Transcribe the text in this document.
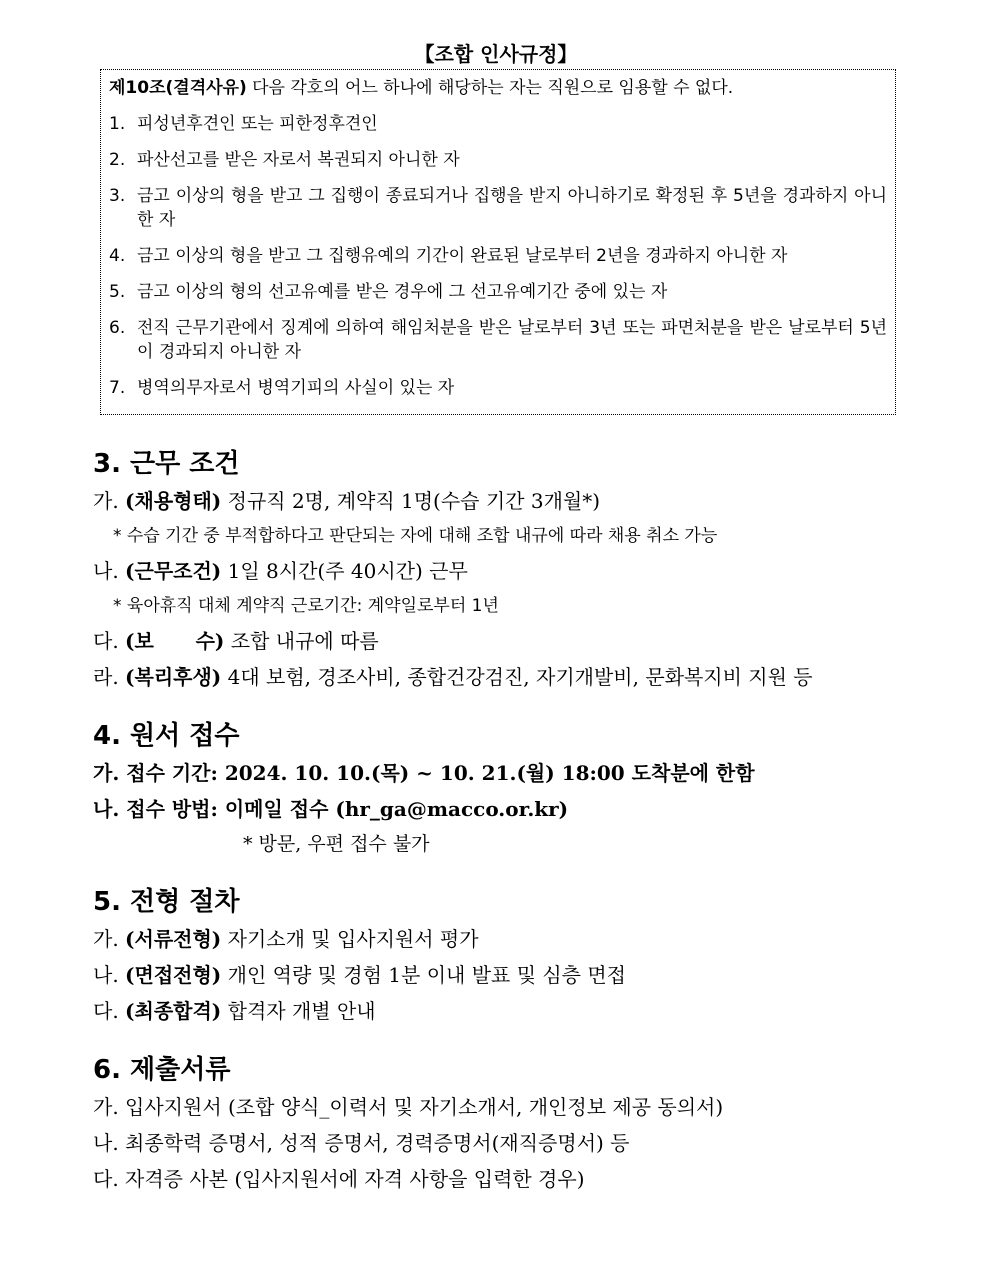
【조합 인사규정】

제10조(결격사유) 다음 각호의 어느 하나에 해당하는 자는 직원으로 임용할 수 없다.

1. 피성년후견인 또는 피한정후견인
2. 파산선고를 받은 자로서 복권되지 아니한 자
3. 금고 이상의 형을 받고 그 집행이 종료되거나 집행을 받지 아니하기로 확정된 후 5년을 경과하지 아니한 자
4. 금고 이상의 형을 받고 그 집행유예의 기간이 완료된 날로부터 2년을 경과하지 아니한 자
5. 금고 이상의 형의 선고유예를 받은 경우에 그 선고유예기간 중에 있는 자
6. 전직 근무기관에서 징계에 의하여 해임처분을 받은 날로부터 3년 또는 파면처분을 받은 날로부터 5년이 경과되지 아니한 자
7. 병역의무자로서 병역기피의 사실이 있는 자
3. 근무 조건

가. (채용형태) 정규직 2명, 계약직 1명(수습 기간 3개월*)

* 수습 기간 중 부적합하다고 판단되는 자에 대해 조합 내규에 따라 채용 취소 가능

나. (근무조건) 1일 8시간(주 40시간) 근무

* 육아휴직 대체 계약직 근로기간: 계약일로부터 1년

다. (보      수) 조합 내규에 따름

라. (복리후생) 4대 보험, 경조사비, 종합건강검진, 자기개발비, 문화복지비 지원 등

4. 원서 접수

가. 접수 기간: 2024. 10. 10.(목) ~ 10. 21.(월) 18:00 도착분에 한함

나. 접수 방법: 이메일 접수 (hr_ga@macco.or.kr)

* 방문, 우편 접수 불가

5. 전형 절차

가. (서류전형) 자기소개 및 입사지원서 평가

나. (면접전형) 개인 역량 및 경험 1분 이내 발표 및 심층 면접

다. (최종합격) 합격자 개별 안내

6. 제출서류

가. 입사지원서 (조합 양식_이력서 및 자기소개서, 개인정보 제공 동의서)

나. 최종학력 증명서, 성적 증명서, 경력증명서(재직증명서) 등

다. 자격증 사본 (입사지원서에 자격 사항을 입력한 경우)
